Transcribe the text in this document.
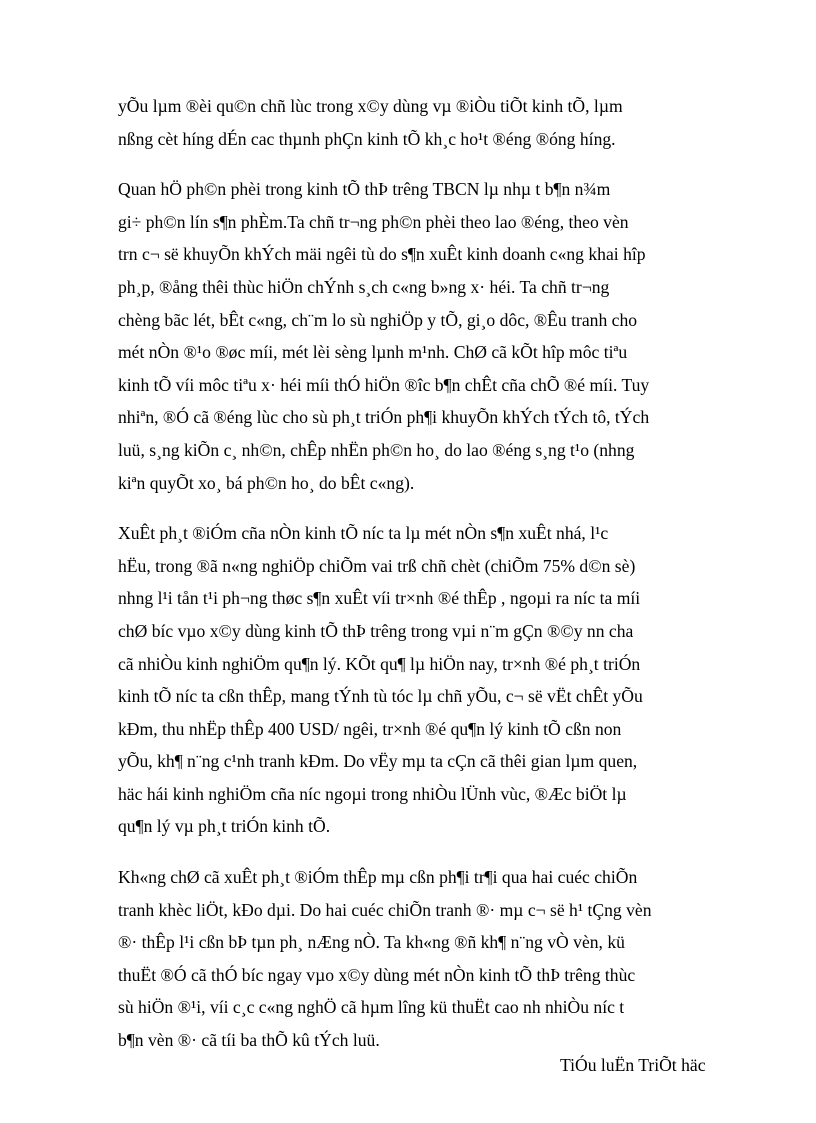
yÕu lµm ®èi qu©n chñ lùc trong x©y dùng vµ ®iÒu tiÕt kinh tÕ, lµm
nßng cèt híng dÉn cac thµnh phÇn kinh tÕ kh¸c ho¹t ®éng ®óng híng.

Quan hÖ ph©n phèi trong kinh tÕ thÞ trêng TBCN lµ nhµ t b¶n n¾m
gi÷ ph©n lín s¶n phÈm.Ta chñ tr¬ng ph©n phèi theo lao ®éng, theo vèn
trn c¬ së khuyÕn khÝch mäi ngêi tù do s¶n xuÊt kinh doanh c«ng khai hîp
ph¸p, ®ång thêi thùc hiÖn chÝnh s¸ch c«ng b»ng x· héi. Ta chñ tr¬ng
chèng bãc lét, bÊt c«ng, ch¨m lo sù nghiÖp y tÕ, gi¸o dôc, ®Êu tranh cho
mét nÒn ®¹o ®øc míi, mét lèi sèng lµnh m¹nh. ChØ cã kÕt hîp môc tiªu
kinh tÕ víi môc tiªu x· héi míi thÓ hiÖn ®îc b¶n chÊt cña chÕ ®é míi. Tuy
nhiªn, ®Ó cã ®éng lùc cho sù ph¸t triÓn ph¶i khuyÕn khÝch tÝch tô, tÝch
luü, s¸ng kiÕn c¸ nh©n, chÊp nhËn ph©n ho¸ do lao ®éng s¸ng t¹o (nhng
kiªn quyÕt xo¸ bá ph©n ho¸ do bÊt c«ng).

XuÊt ph¸t ®iÓm cña nÒn kinh tÕ níc ta lµ mét nÒn s¶n xuÊt nhá, l¹c
hËu, trong ®ã n«ng nghiÖp chiÕm vai trß chñ chèt (chiÕm 75% d©n sè)
nhng l¹i tån t¹i ph¬ng thøc s¶n xuÊt víi tr×nh ®é thÊp , ngoµi ra níc ta míi
chØ bíc vµo x©y dùng kinh tÕ thÞ trêng trong vµi n¨m gÇn ®©y nn cha
cã nhiÒu kinh nghiÖm qu¶n lý. KÕt qu¶ lµ hiÖn nay, tr×nh ®é ph¸t triÓn
kinh tÕ níc ta cßn thÊp, mang tÝnh tù tóc lµ chñ yÕu, c¬ së vËt chÊt yÕu
kÐm, thu nhËp thÊp 400 USD/ ngêi, tr×nh ®é qu¶n lý kinh tÕ cßn non
yÕu, kh¶ n¨ng c¹nh tranh kÐm. Do vËy mµ ta cÇn cã thêi gian lµm quen,
häc hái kinh nghiÖm cña níc ngoµi trong nhiÒu lÜnh vùc, ®Æc biÖt lµ
qu¶n lý vµ ph¸t triÓn kinh tÕ.

Kh«ng chØ cã xuÊt ph¸t ®iÓm thÊp mµ cßn ph¶i tr¶i qua hai cuéc chiÕn
tranh khèc liÖt, kÐo dµi. Do hai cuéc chiÕn tranh ®· mµ c¬ së h¹ tÇng vèn
®· thÊp l¹i cßn bÞ tµn ph¸ nÆng nÒ. Ta kh«ng ®ñ kh¶ n¨ng vÒ vèn, kü
thuËt ®Ó cã thÓ bíc ngay vµo x©y dùng mét nÒn kinh tÕ thÞ trêng thùc
sù hiÖn ®¹i, víi c¸c c«ng nghÖ cã hµm lîng kü thuËt cao nh nhiÒu níc t
b¶n vèn ®· cã tíi ba thÕ kû tÝch luü.

TiÓu luËn TriÕt häc
